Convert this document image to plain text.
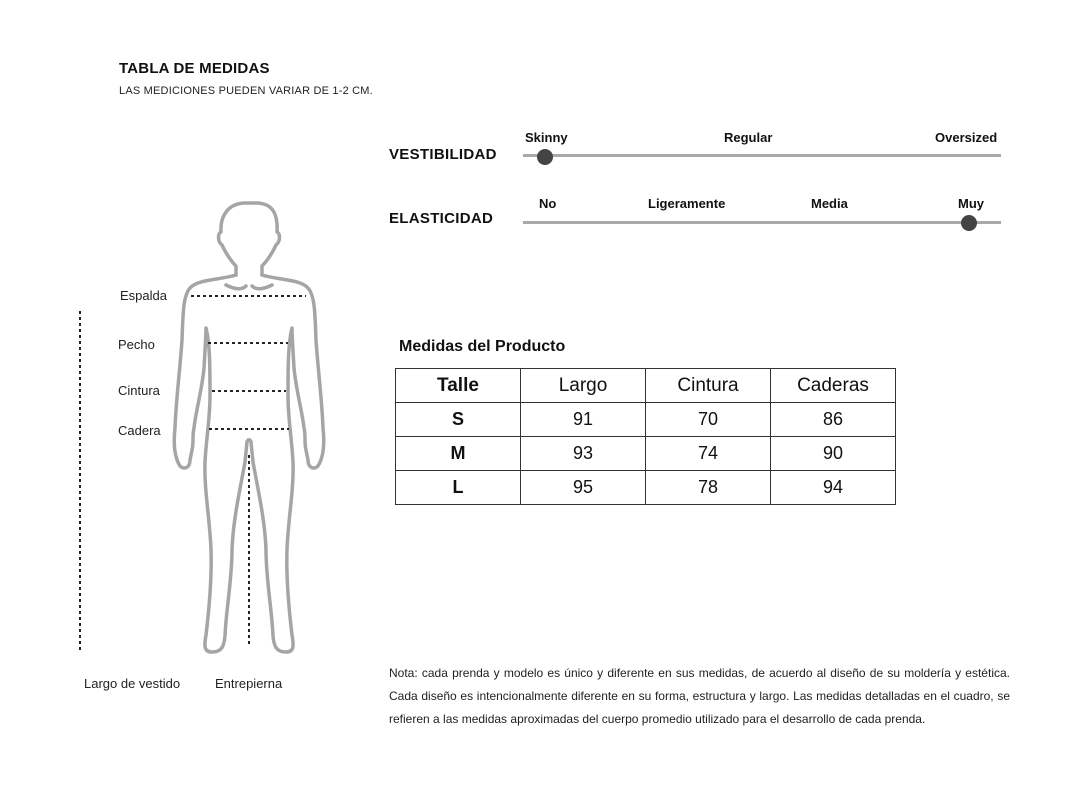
TABLA DE MEDIDAS
LAS MEDICIONES PUEDEN VARIAR DE 1-2 CM.
VESTIBILIDAD
Skinny	Regular	Oversized
ELASTICIDAD
No	Ligeramente	Media	Muy
Espalda
Pecho
Cintura
Cadera
Largo de vestido	Entrepierna
Medidas del Producto
Talle	Largo	Cintura	Caderas
S	91	70	86
M	93	74	90
L	95	78	94
Nota: cada prenda y modelo es único y diferente en sus medidas, de acuerdo al diseño de su moldería y estética. Cada diseño es intencionalmente diferente en su forma, estructura y largo. Las medidas detalladas en el cuadro, se refieren a las medidas aproximadas del cuerpo promedio utilizado para el desarrollo de cada prenda.
